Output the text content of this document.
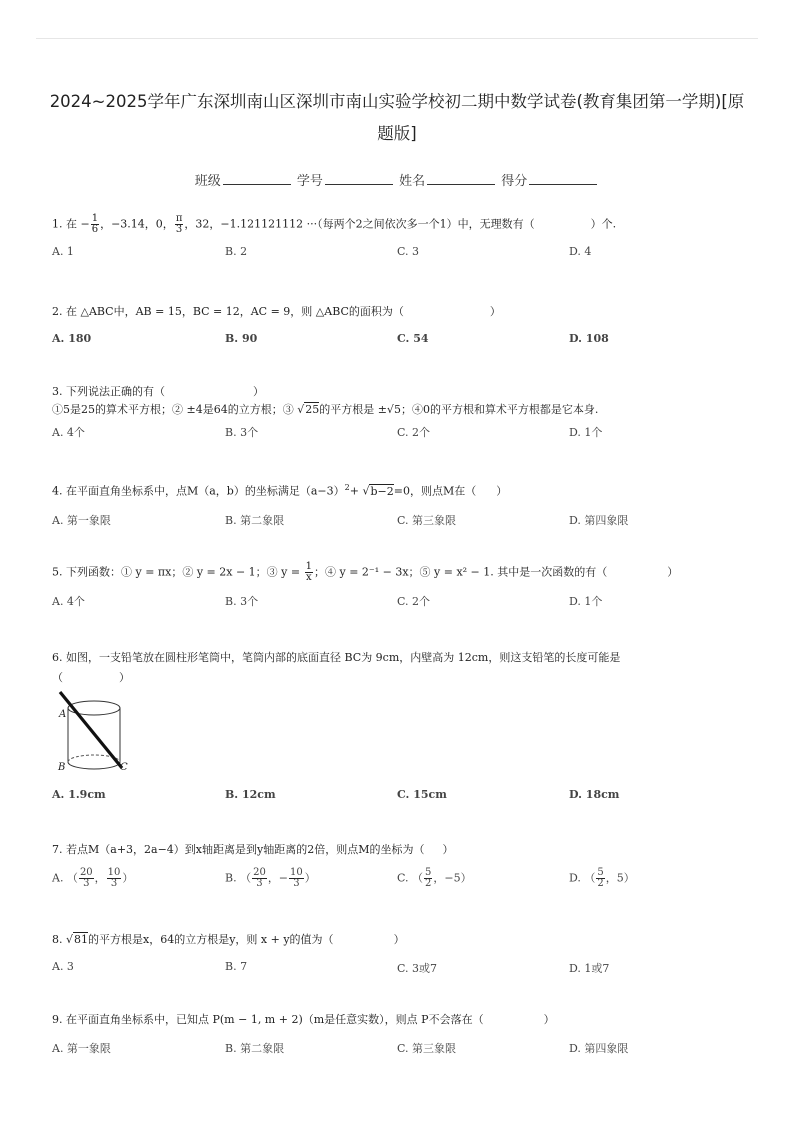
2024~2025学年广东深圳南山区深圳市南山实验学校初二期中数学试卷(教育集团第一学期)[原
题版]
班级	学号	姓名	得分
1. 在 − $\frac{1}{6}$ ，−3.14，0， $\frac{\pi}{3}$ ，32，−1.121121112 ···（每两个2之间依次多一个1）中，无理数有（	）个.
A. 1	B. 2	C. 3	D. 4
2. 在 △ABC中，AB = 15，BC = 12，AC = 9，则 △ABC的面积为（	）
A. 180	B. 90	C. 54	D. 108
3. 下列说法正确的有（	）
①5是25的算术平方根；② ±4是64的立方根；③ √25的平方根是 ±√5；④0的平方根和算术平方根都是它本身.
A. 4个	B. 3个	C. 2个	D. 1个
4. 在平面直角坐标系中，点M（a，b）的坐标满足$(a-3)^2+ √b-2=0$，则点M在（ ）
A. 第一象限	B. 第二象限	C. 第三象限	D. 第四象限
5. 下列函数：① y = πx；② y = 2x − 1；③ $y = \frac{1}{x}$ ；④ y = 2⁻¹ − 3x；⑤ y = x² − 1. 其中是一次函数的有（	）
A. 4个	B. 3个	C. 2个	D. 1个
6. 如图，一支铅笔放在圆柱形笔筒中，笔筒内部的底面直径 BC为 9cm，内壁高为 12cm，则这支铅笔的长度可能是
（	）
A
B	C
A. 1.9cm	B. 12cm	C. 15cm	D. 18cm
7. 若点M（a+3，2a−4）到x轴距离是到y轴距离的2倍，则点M的坐标为（ ）
A. （ $\frac{20}{3}$ ， $\frac{10}{3}$ ）	B. （ $\frac{20}{3}$ ，− $\frac{10}{3}$ ）	C. （ $\frac{5}{2}$ ，−5）	D. （ $\frac{5}{2}$ ，5）
8. √81的平方根是x，64的立方根是y，则 x + y的值为（	）
A. 3	B. 7	C. 3或7	D. 1或7
9. 在平面直角坐标系中，已知点 P(m − 1, m + 2)（m是任意实数），则点 P不会落在（	）
A. 第一象限	B. 第二象限	C. 第三象限	D. 第四象限
